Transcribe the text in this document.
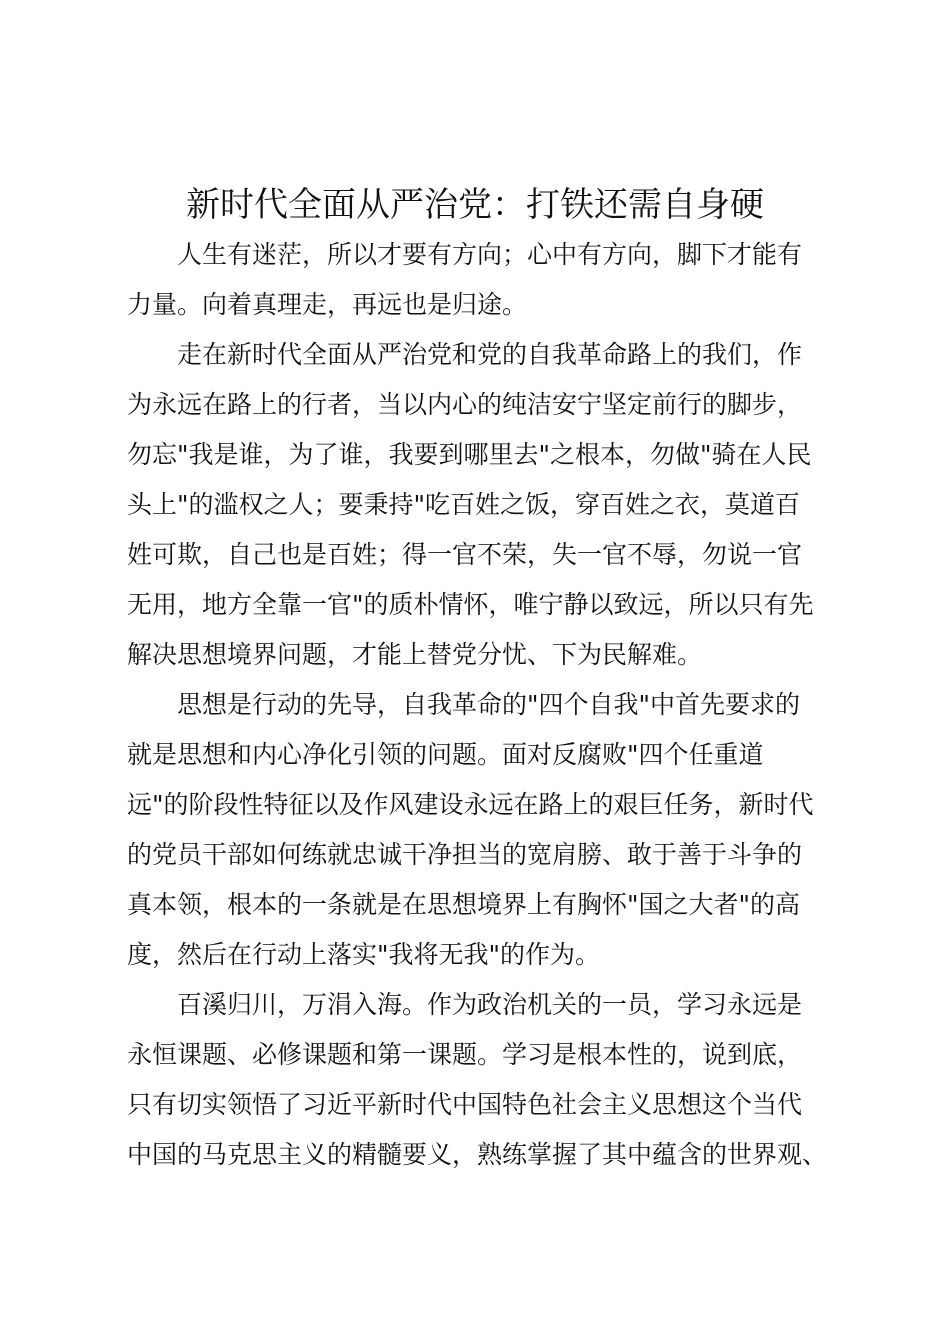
新时代全面从严治党：打铁还需自身硬

　　人生有迷茫，所以才要有方向；心中有方向，脚下才能有
力量。向着真理走，再远也是归途。

　　走在新时代全面从严治党和党的自我革命路上的我们，作
为永远在路上的行者，当以内心的纯洁安宁坚定前行的脚步，
勿忘"我是谁，为了谁，我要到哪里去"之根本，勿做"骑在人民
头上"的滥权之人；要秉持"吃百姓之饭，穿百姓之衣，莫道百
姓可欺，自己也是百姓；得一官不荣，失一官不辱，勿说一官
无用，地方全靠一官"的质朴情怀，唯宁静以致远，所以只有先
解决思想境界问题，才能上替党分忧、下为民解难。

　　思想是行动的先导，自我革命的"四个自我"中首先要求的
就是思想和内心净化引领的问题。面对反腐败"四个任重道
远"的阶段性特征以及作风建设永远在路上的艰巨任务，新时代
的党员干部如何练就忠诚干净担当的宽肩膀、敢于善于斗争的
真本领，根本的一条就是在思想境界上有胸怀"国之大者"的高
度，然后在行动上落实"我将无我"的作为。

　　百溪归川，万涓入海。作为政治机关的一员，学习永远是
永恒课题、必修课题和第一课题。学习是根本性的，说到底，
只有切实领悟了习近平新时代中国特色社会主义思想这个当代
中国的马克思主义的精髓要义，熟练掌握了其中蕴含的世界观、
